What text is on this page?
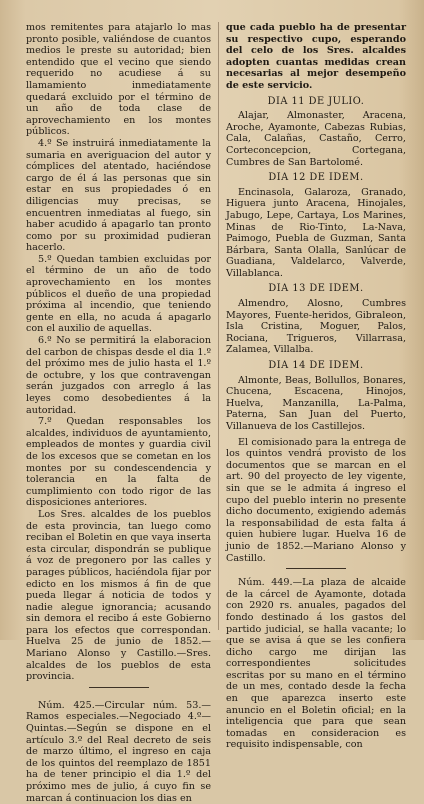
mos remitentes para atajarlo lo mas pronto posible, valiéndose de cuantos medios le preste su autoridad; bien entendido que el vecino que siendo requerido no acudiese á su llamamiento inmediatamente quedará excluido por el término de un año de toda clase de aprovechamiento en los montes públicos.

4.º Se instruirá inmediatamente la sumaria en averiguacion del autor y cómplices del atentado, haciéndose cargo de él á las personas que sin estar en sus propiedades ó en diligencias muy precisas, se encuentren inmediatas al fuego, sin haber acudido á apagarlo tan pronto como por su proximidad pudieran hacerlo.

5.º Quedan tambien excluidas por el término de un año de todo aprovechamiento en los montes públicos el dueño de una propiedad próxima al incendio, que teniendo gente en ella, no acuda á apagarlo con el auxilio de aquellas.

6.º No se permitirá la elaboracion del carbon de chispas desde el dia 1.º del próximo mes de julio hasta el 1.º de octubre, y los que contravengan serán juzgados con arreglo á las leyes como desobedientes á la autoridad.

7.º Quedan responsables los alcaldes, individuos de ayuntamiento, empleados de montes y guardia civil de los excesos que se cometan en los montes por su condescendencia y tolerancia en la falta de cumplimiento con todo rigor de las disposiciones anteriores.

Los Sres. alcaldes de los pueblos de esta provincia, tan luego como reciban el Boletin en que vaya inserta esta circular, dispondrán se publique á voz de pregonero por las calles y parages públicos, haciéndola fijar por edicto en los mismos á fin de que pueda llegar á noticia de todos y nadie alegue ignorancia; acusando sin demora el recibo á este Gobierno para los efectos que correspondan. Huelva 25 de junio de 1852.—Mariano Alonso y Castillo.—Sres. alcaldes de los pueblos de esta provincia.

Núm. 425.—Circular núm. 53.—Ramos especiales.—Negociado 4.º—Quintas.—Según se dispone en el artículo 3.º del Real decreto de seis de marzo último, el ingreso en caja de los quintos del reemplazo de 1851 ha de tener principio el dia 1.º del próximo mes de julio, á cuyo fin se marcan á continuacion los dias en

que cada pueblo ha de presentar su respectivo cupo, esperando del celo de los Sres. alcaldes adopten cuantas medidas crean necesarias al mejor desempeño de este servicio.

DIA 11 DE JULIO.

Alajar, Almonaster, Aracena, Aroche, Ayamonte, Cabezas Rubias, Cala, Calañas, Castaño, Cerro, Corteconcepcion, Cortegana, Cumbres de San Bartolomé.

DIA 12 DE IDEM.

Encinasola, Galaroza, Granado, Higuera junto Aracena, Hinojales, Jabugo, Lepe, Cartaya, Los Marines, Minas de Rio-Tinto, La-Nava, Paimogo, Puebla de Guzman, Santa Bárbara, Santa Olalla, Sanlúcar de Guadiana, Valdelarco, Valverde, Villablanca.

DIA 13 DE IDEM.

Almendro, Alosno, Cumbres Mayores, Fuente-heridos, Gibraleon, Isla Cristina, Moguer, Palos, Rociana, Trigueros, Villarrasa, Zalamea, Villalba.

DIA 14 DE IDEM.

Almonte, Beas, Bollullos, Bonares, Chucena, Escacena, Hinojos, Huelva, Manzanilla, La-Palma, Paterna, San Juan del Puerto, Villanueva de los Castillejos.

El comisionado para la entrega de los quintos vendrá provisto de los documentos que se marcan en el art. 90 del proyecto de ley vigente, sin que se le admita á ingreso el cupo del pueblo interin no presente dicho documento, exigiendo además la responsabilidad de esta falta á quien hubiere lugar. Huelva 16 de junio de 1852.—Mariano Alonso y Castillo.

Núm. 449.—La plaza de alcaide de la cárcel de Ayamonte, dotada con 2920 rs. anuales, pagados del fondo destinado á los gastos del partido judicial, se halla vacante; lo que se avisa á que se les confiera dicho cargo me dirijan las correspondientes solicitudes escritas por su mano en el término de un mes, contado desde la fecha en que aparezca inserto este anuncio en el Boletin oficial; en la inteligencia que para que sean tomadas en consideracion es requisito indispensable, con
